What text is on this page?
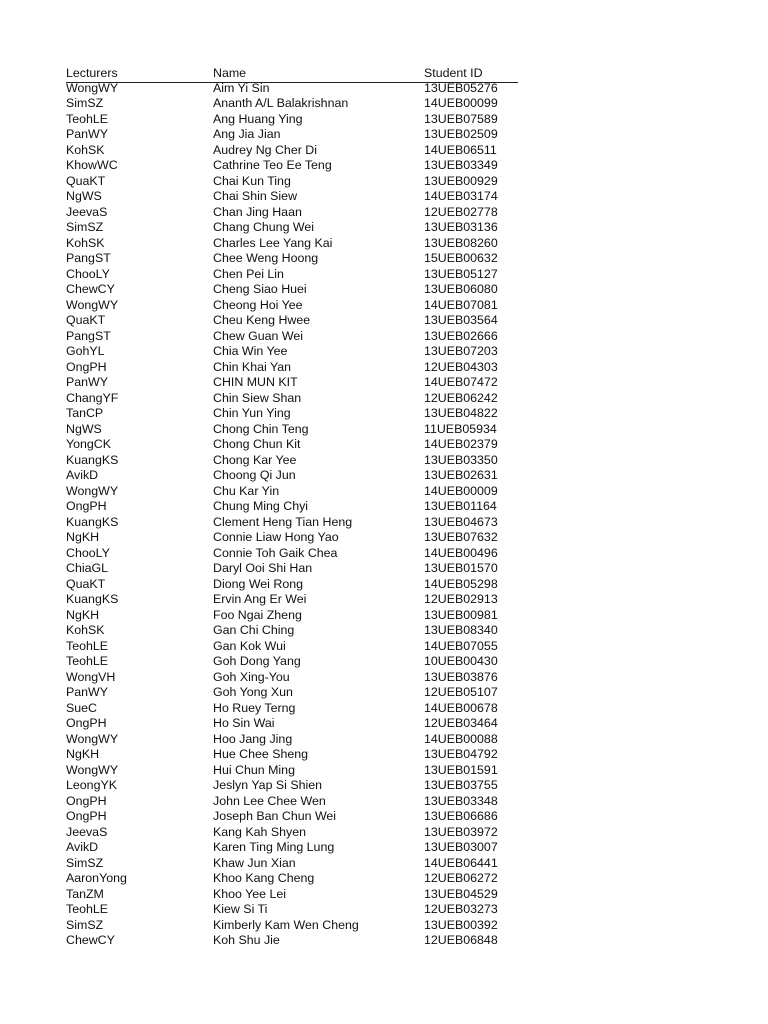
Lecturers	Name	Student ID
WongWY	Aim Yi Sin	13UEB05276
SimSZ	Ananth A/L Balakrishnan	14UEB00099
TeohLE	Ang Huang Ying	13UEB07589
PanWY	Ang Jia Jian	13UEB02509
KohSK	Audrey Ng Cher Di	14UEB06511
KhowWC	Cathrine Teo Ee Teng	13UEB03349
QuaKT	Chai Kun Ting	13UEB00929
NgWS	Chai Shin Siew	14UEB03174
JeevaS	Chan Jing Haan	12UEB02778
SimSZ	Chang Chung Wei	13UEB03136
KohSK	Charles Lee Yang Kai	13UEB08260
PangST	Chee Weng Hoong	15UEB00632
ChooLY	Chen Pei Lin	13UEB05127
ChewCY	Cheng Siao Huei	13UEB06080
WongWY	Cheong Hoi Yee	14UEB07081
QuaKT	Cheu Keng Hwee	13UEB03564
PangST	Chew Guan Wei	13UEB02666
GohYL	Chia Win Yee	13UEB07203
OngPH	Chin Khai Yan	12UEB04303
PanWY	CHIN MUN KIT	14UEB07472
ChangYF	Chin Siew Shan	12UEB06242
TanCP	Chin Yun Ying	13UEB04822
NgWS	Chong Chin Teng	11UEB05934
YongCK	Chong Chun Kit	14UEB02379
KuangKS	Chong Kar Yee	13UEB03350
AvikD	Choong Qi Jun	13UEB02631
WongWY	Chu Kar Yin	14UEB00009
OngPH	Chung Ming Chyi	13UEB01164
KuangKS	Clement Heng Tian Heng	13UEB04673
NgKH	Connie Liaw Hong Yao	13UEB07632
ChooLY	Connie Toh Gaik Chea	14UEB00496
ChiaGL	Daryl Ooi Shi Han	13UEB01570
QuaKT	Diong Wei Rong	14UEB05298
KuangKS	Ervin Ang Er Wei	12UEB02913
NgKH	Foo Ngai Zheng	13UEB00981
KohSK	Gan Chi Ching	13UEB08340
TeohLE	Gan Kok Wui	14UEB07055
TeohLE	Goh Dong Yang	10UEB00430
WongVH	Goh Xing-You	13UEB03876
PanWY	Goh Yong Xun	12UEB05107
SueC	Ho Ruey Terng	14UEB00678
OngPH	Ho Sin Wai	12UEB03464
WongWY	Hoo Jang Jing	14UEB00088
NgKH	Hue Chee Sheng	13UEB04792
WongWY	Hui Chun Ming	13UEB01591
LeongYK	Jeslyn Yap Si Shien	13UEB03755
OngPH	John Lee Chee Wen	13UEB03348
OngPH	Joseph Ban Chun Wei	13UEB06686
JeevaS	Kang Kah Shyen	13UEB03972
AvikD	Karen Ting Ming Lung	13UEB03007
SimSZ	Khaw Jun Xian	14UEB06441
AaronYong	Khoo Kang Cheng	12UEB06272
TanZM	Khoo Yee Lei	13UEB04529
TeohLE	Kiew Si Ti	12UEB03273
SimSZ	Kimberly Kam Wen Cheng	13UEB00392
ChewCY	Koh Shu Jie	12UEB06848
